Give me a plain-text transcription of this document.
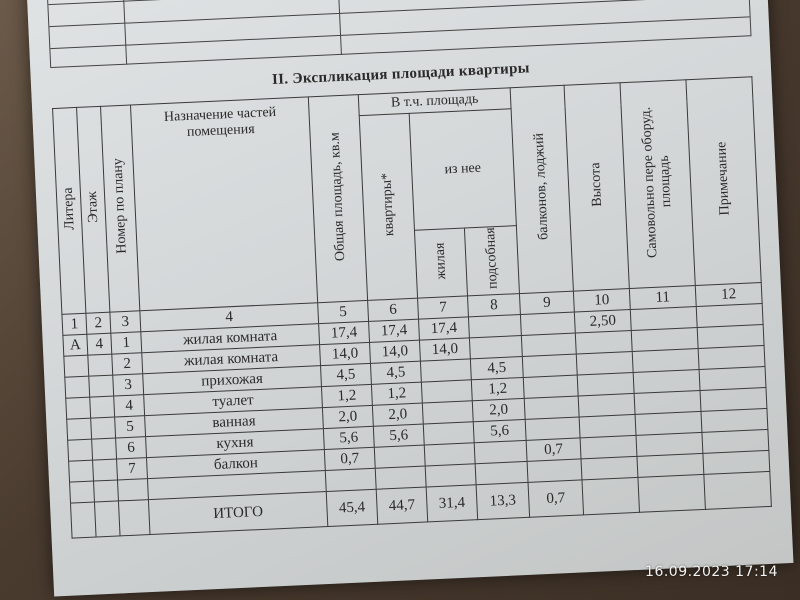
II. Экспликация площади квартиры
Литера	Этаж	Номер по плану	Назначение частей помещения	Общая площадь, кв.м	В т.ч. площадь			балконов, лоджий	Высота	Самовольно пере оборуд. площадь	Примечание
					квартиры*	из нее					
						жилая	подсобная				
1	2	3	4	5	6	7	8	9	10	11	12
А	4	1	жилая комната	17,4	17,4	17,4			2,50		
		2	жилая комната	14,0	14,0	14,0					
		3	прихожая	4,5	4,5		4,5				
		4	туалет	1,2	1,2		1,2				
		5	ванная	2,0	2,0		2,0				
		6	кухня	5,6	5,6		5,6				
		7	балкон	0,7				0,7			

			ИТОГО	45,4	44,7	31,4	13,3	0,7			
16.09.2023 17:14
